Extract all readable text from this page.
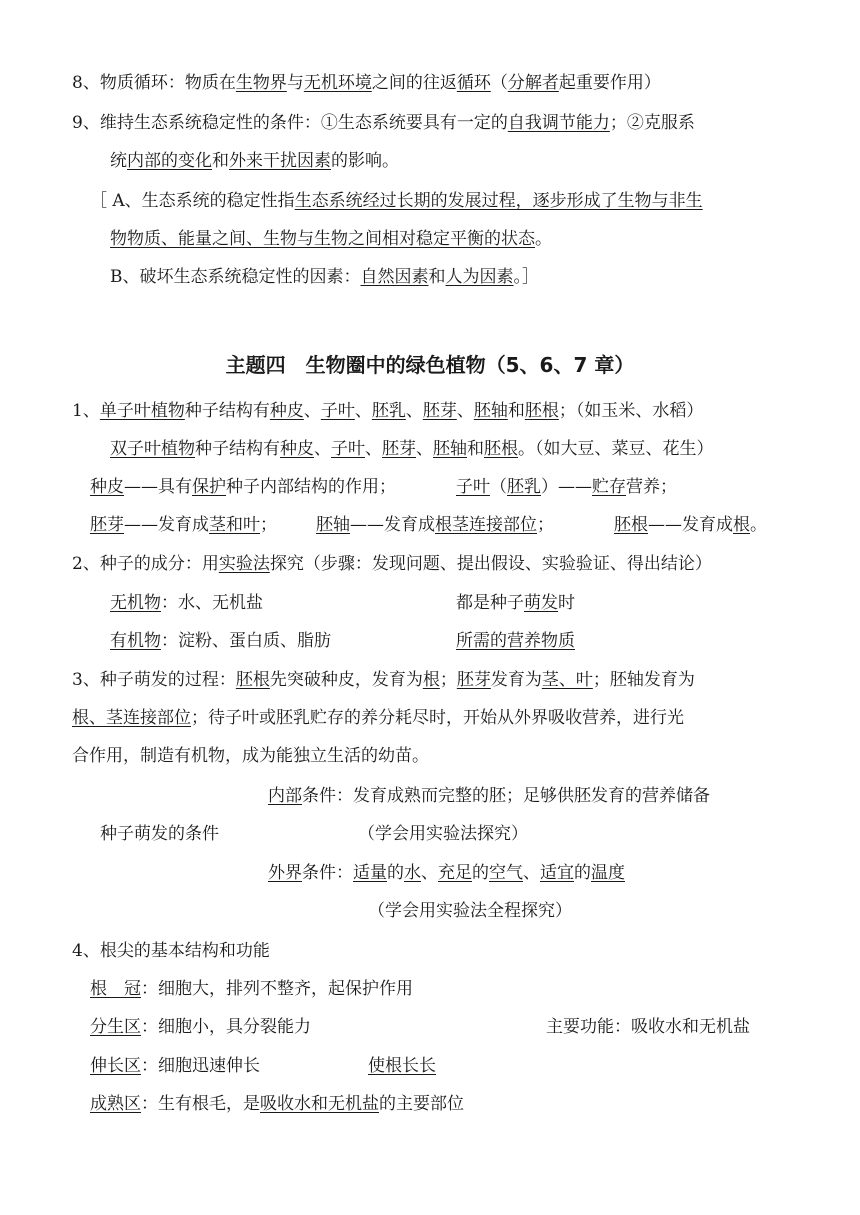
8、物质循环：物质在生物界与无机环境之间的往返循环（分解者起重要作用）
9、维持生态系统稳定性的条件：①生态系统要具有一定的自我调节能力；②克服系
统内部的变化和外来干扰因素的影响。
［ A、生态系统的稳定性指生态系统经过长期的发展过程，逐步形成了生物与非生
物物质、能量之间、生物与生物之间相对稳定平衡的状态。
B、破坏生态系统稳定性的因素：自然因素和人为因素。］
主题四　生物圈中的绿色植物（5、6、7 章）
1、单子叶植物种子结构有种皮、子叶、胚乳、胚芽、胚轴和胚根；（如玉米、水稻）
双子叶植物种子结构有种皮、子叶、胚芽、胚轴和胚根。（如大豆、菜豆、花生）
种皮——具有保护种子内部结构的作用；	子叶（胚乳）——贮存营养；
胚芽——发育成茎和叶； 胚轴——发育成根茎连接部位；	胚根——发育成根。
2、种子的成分：用实验法探究（步骤：发现问题、提出假设、实验验证、得出结论）
无机物：水、无机盐	都是种子萌发时
有机物：淀粉、蛋白质、脂肪	所需的营养物质
3、种子萌发的过程：胚根先突破种皮，发育为根；胚芽发育为茎、叶；胚轴发育为
根、茎连接部位；待子叶或胚乳贮存的养分耗尽时，开始从外界吸收营养，进行光
合作用，制造有机物，成为能独立生活的幼苗。
内部条件：发育成熟而完整的胚；足够供胚发育的营养储备
种子萌发的条件	（学会用实验法探究）
外界条件：适量的水、充足的空气、适宜的温度
（学会用实验法全程探究）
4、根尖的基本结构和功能
根　冠：细胞大，排列不整齐，起保护作用
分生区：细胞小，具分裂能力	主要功能：吸收水和无机盐
伸长区：细胞迅速伸长	使根长长
成熟区：生有根毛，是吸收水和无机盐的主要部位
